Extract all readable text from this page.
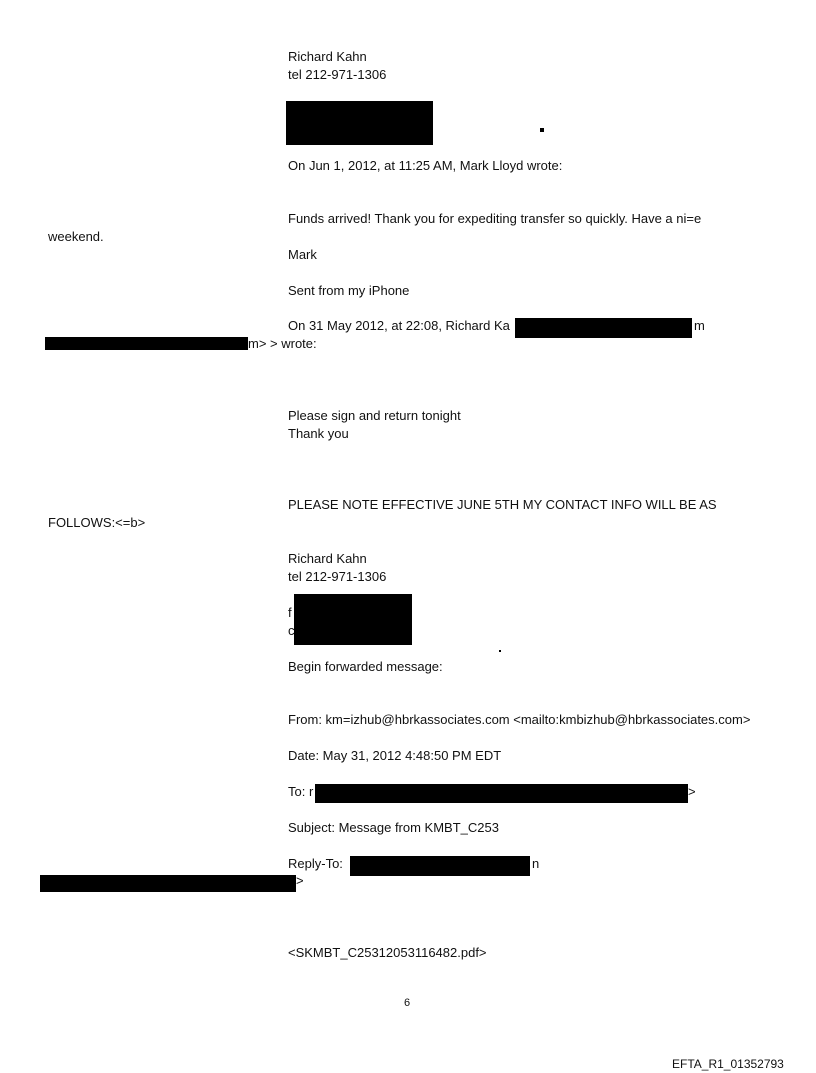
Richard Kahn
tel 212-971-1306
On Jun 1, 2012, at 11:25 AM, Mark Lloyd wrote:
Funds arrived! Thank you for expediting transfer so quickly. Have a ni=e
weekend.
Mark
Sent from my iPhone
On 31 May 2012, at 22:08, Richard Ka	m
m> > wrote:
Please sign and return tonight
Thank you
PLEASE NOTE EFFECTIVE JUNE 5TH MY CONTACT INFO WILL BE AS
FOLLOWS:<=b>
Richard Kahn
tel 212-971-1306
f
c
Begin forwarded message:
From: km=izhub@hbrkassociates.com <mailto:kmbizhub@hbrkassociates.com>
Date: May 31, 2012 4:48:50 PM EDT
To: r	>
Subject: Message from KMBT_C253
Reply-To:	n
>
<SKMBT_C25312053116482.pdf>
6
EFTA_R1_01352793
